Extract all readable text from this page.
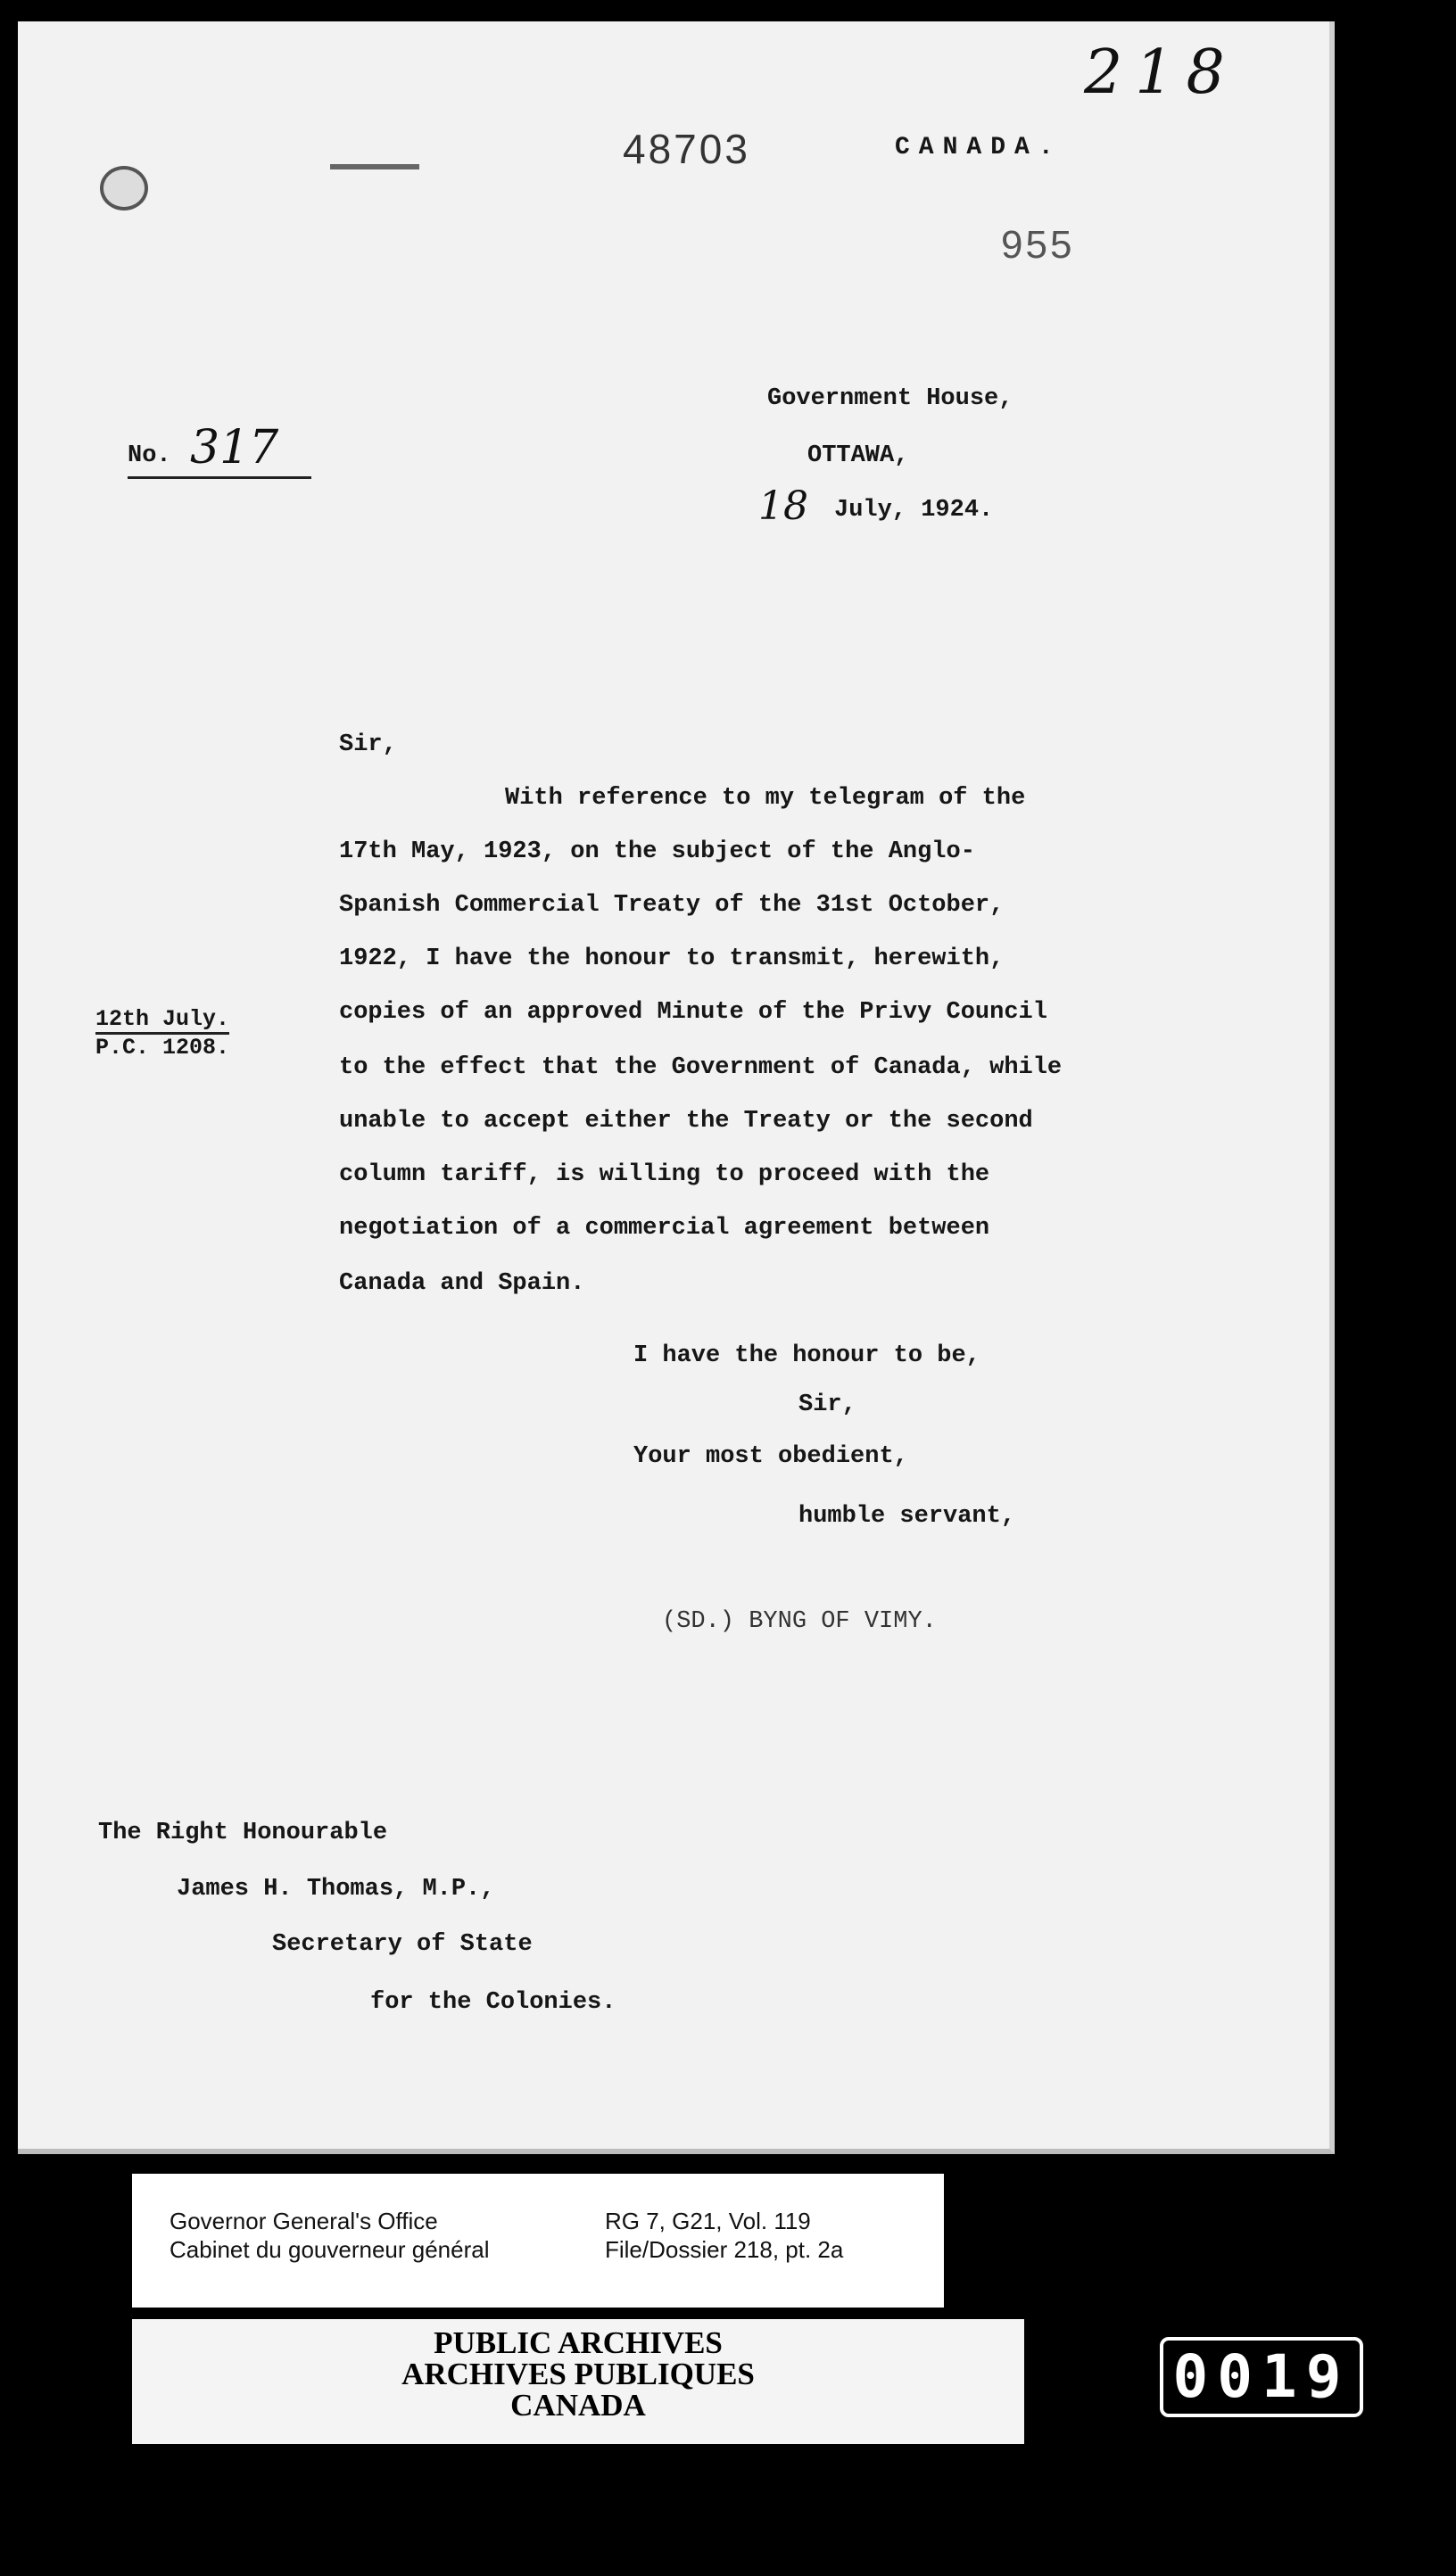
48703	CANADA.
218
955
Government House,
OTTAWA,
18 July, 1924.
No. 317
12th July.
P.C. 1208.
Sir,
With reference to my telegram of the
17th May, 1923, on the subject of the Anglo-
Spanish Commercial Treaty of the 31st October,
1922, I have the honour to transmit, herewith,
copies of an approved Minute of the Privy Council
to the effect that the Government of Canada, while
unable to accept either the Treaty or the second
column tariff, is willing to proceed with the
negotiation of a commercial agreement between
Canada and Spain.
I have the honour to be,
Sir,
Your most obedient,
humble servant,
(SD.) BYNG OF VIMY.
The Right Honourable
James H. Thomas, M.P.,
Secretary of State
for the Colonies.
Governor General's Office
Cabinet du gouverneur général
RG 7, G21, Vol. 119
File/Dossier 218, pt. 2a
PUBLIC ARCHIVES
ARCHIVES PUBLIQUES
CANADA	0019
